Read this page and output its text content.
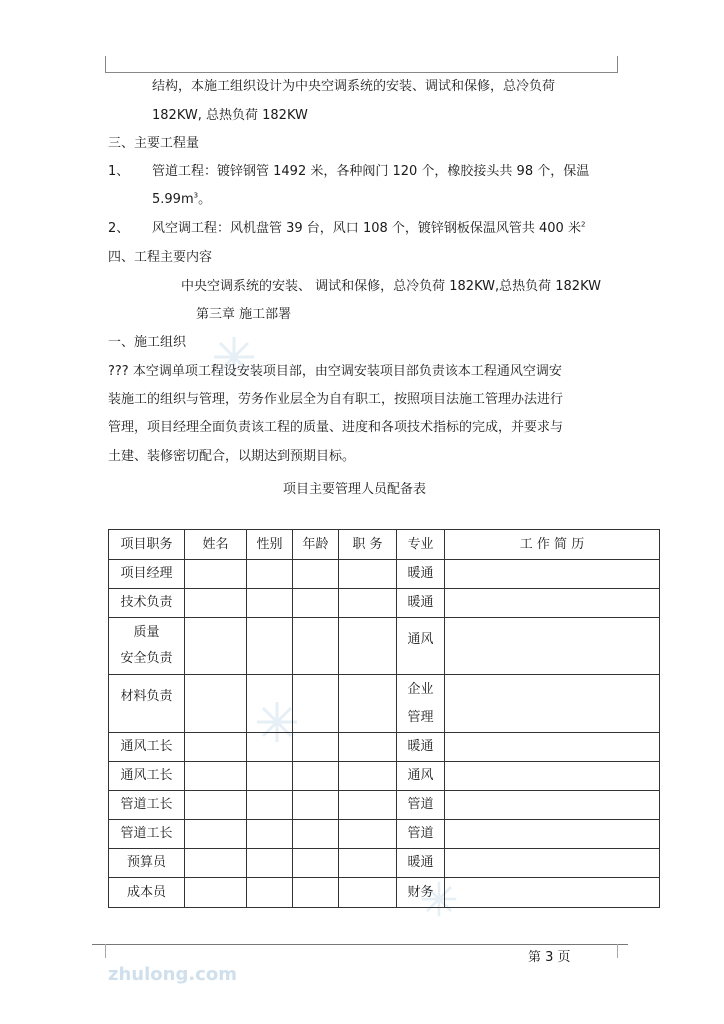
结构，本施工组织设计为中央空调系统的安装、调试和保修，总冷负荷
182KW, 总热负荷 182KW
三、主要工程量
1、 管道工程：镀锌钢管 1492 米，各种阀门 120 个，橡胶接头共 98 个，保温
$5.99m^3$。
2、 风空调工程：风机盘管 39 台，风口 108 个，镀锌钢板保温风管共 400 米$^2$
四、工程主要内容
中央空调系统的安装、 调试和保修，总冷负荷 182KW,总热负荷 182KW
第三章 施工部署
一、施工组织
??? 本空调单项工程设安装项目部，由空调安装项目部负责该本工程通风空调安
装施工的组织与管理，劳务作业层全为自有职工，按照项目法施工管理办法进行
管理，项目经理全面负责该工程的质量、进度和各项技术指标的完成，并要求与
土建、装修密切配合，以期达到预期目标。
项目主要管理人员配备表
项目职务	姓名	性别	年龄	职 务	专业	工 作 简 历
项目经理					暖通	
技术负责					暖通	

质量
安全负责					通风	
材料负责					企业
管理	

通风工长					暖通	
通风工长					通风	
管道工长					管道	
管道工长					管道	
预算员					暖通	
成本员					财务	
第 3 页
zhulong.com
